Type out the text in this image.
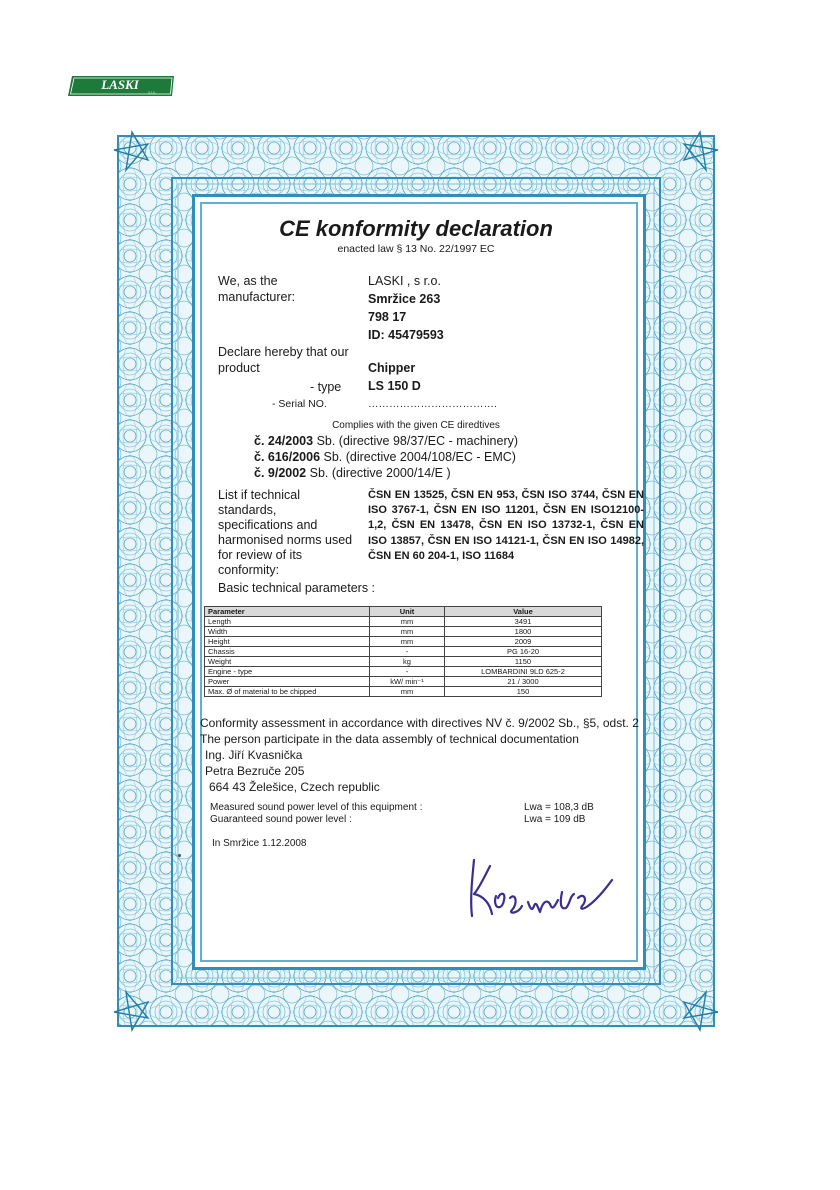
LASKI
s.r.o.
CE konformity declaration
enacted law § 13 No. 22/1997 EC
We, as the
manufacturer:
LASKI , s r.o.
Smržice 263
798 17
ID: 45479593
Declare hereby that our
product	Chipper
- type LS 150 D
- Serial NO.	……………………………….
Complies with the given CE diredtives
č. 24/2003 Sb. (directive 98/37/EC - machinery)
č. 616/2006 Sb. (directive 2004/108/EC - EMC)
č. 9/2002 Sb. (directive 2000/14/E )
List if technical
standards,
specifications and
harmonised norms used
for review of its
conformity:
ČSN EN 13525, ČSN EN 953, ČSN ISO 3744, ČSN EN ISO 3767-1, ČSN EN ISO 11201, ČSN EN ISO12100-1,2, ČSN EN 13478, ČSN EN ISO 13732-1, ČSN EN ISO 13857, ČSN EN ISO 14121-1, ČSN EN ISO 14982, ČSN EN 60 204-1, ISO 11684
Basic technical parameters :
Parameter	Unit	Value
Length	mm	3491
Width	mm	1800
Height	mm	2009
Chassis	-	PG 16-20
Weight	kg	1150
Engine - type	-	LOMBARDINI 9LD 625-2
Power	kW/ min⁻¹	21 / 3000
Max. Ø of material to be chipped	mm	150
Conformity assessment in accordance with directives NV č. 9/2002 Sb., §5, odst. 2
The person participate in the data assembly of technical documentation
Ing. Jiří Kvasnička
Petra Bezruče 205
664 43 Želešice, Czech republic
Measured sound power level of this equipment :	Lwa = 108,3 dB
Guaranteed sound power level :	Lwa = 109 dB
In Smržice 1.12.2008
